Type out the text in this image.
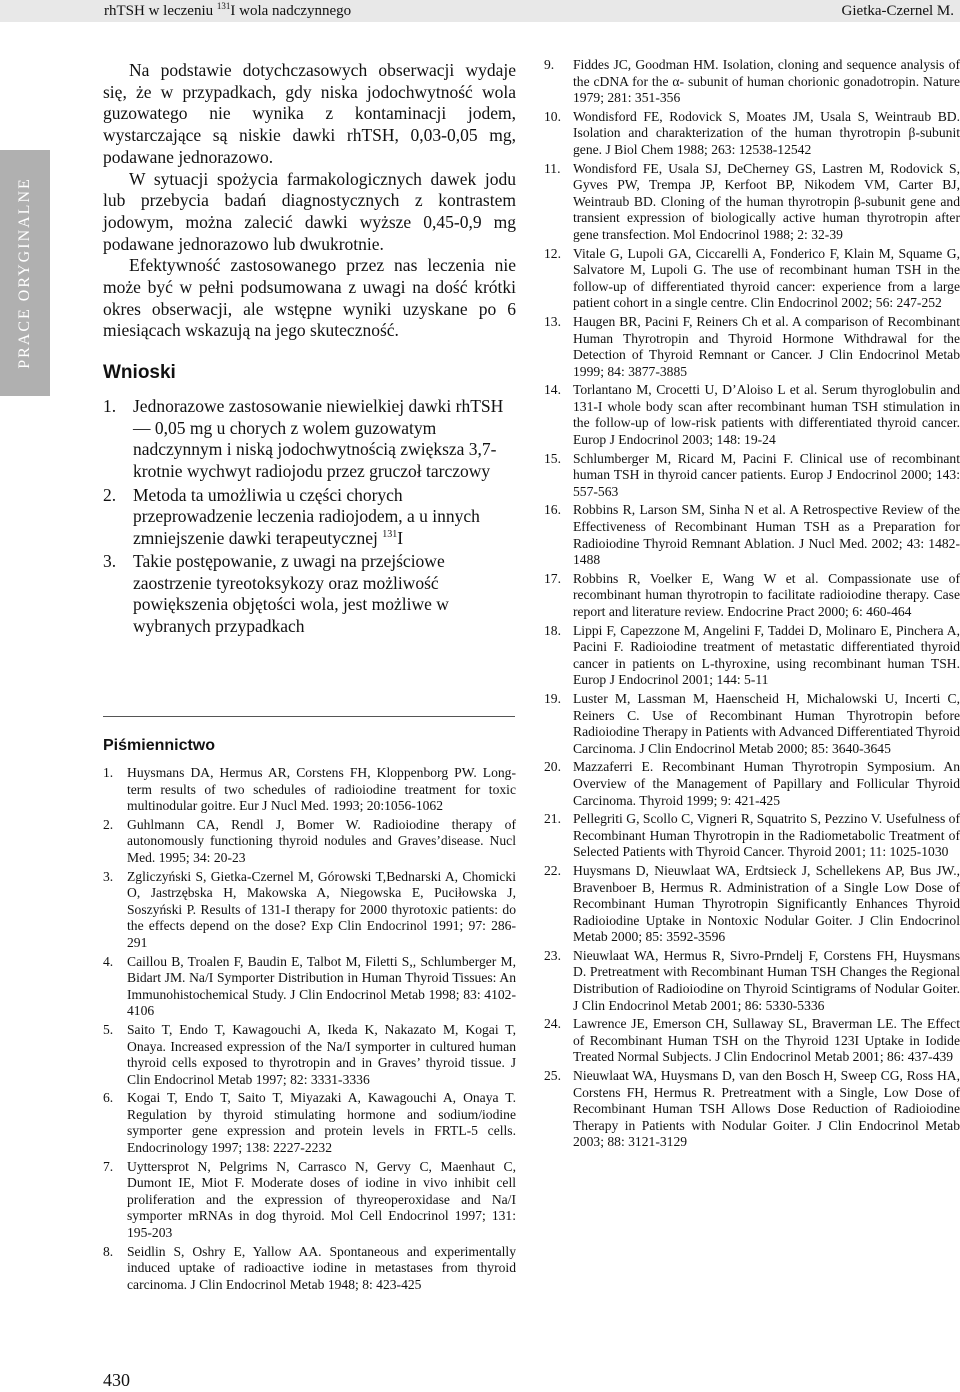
rhTSH w leczeniu $^{131}$I wola nadczynnego	Gietka-Czernel M.
PRACE ORYGINALNE

Na podstawie dotychczasowych obserwacji wydaje się, że w przypadkach, gdy niska jodochwytność wola guzowatego nie wynika z kontaminacji jodem, wystarczające są niskie dawki rhTSH, 0,03-0,05 mg, podawane jednorazowo.

W sytuacji spożycia farmakologicznych dawek jodu lub przebycia badań diagnostycznych z kontrastem jodowym, można zalecić dawki wyższe 0,45-0,9 mg podawane jednorazowo lub dwukrotnie.

Efektywność zastosowanego przez nas leczenia nie może być w pełni podsumowana z uwagi na dość krótki okres obserwacji, ale wstępne wyniki uzyskane po 6 miesiącach wskazują na jego skuteczność.

Wnioski
1. Jednorazowe zastosowanie niewielkiej dawki rhTSH — 0,05 mg u chorych z wolem guzowatym nadczynnym i niską jodochwytnością zwiększa 3,7-krotnie wychwyt radiojodu przez gruczoł tarczowy
2. Metoda ta umożliwia u części chorych przeprowadzenie leczenia radiojodem, a u innych zmniejszenie dawki terapeutycznej $^{131}$I
3. Takie postępowanie, z uwagi na przejściowe zaostrzenie tyreotoksykozy oraz możliwość powiększenia objętości wola, jest możliwe w wybranych przypadkach
Piśmiennictwo
1. Huysmans DA, Hermus AR, Corstens FH, Kloppenborg PW. Long-term results of two schedules of radioiodine treatment for toxic multinodular goitre. Eur J Nucl Med. 1993; 20:1056-1062
2. Guhlmann CA, Rendl J, Bomer W. Radioiodine therapy of autonomously functioning thyroid nodules and Graves’disease. Nucl Med. 1995; 34: 20-23
3. Zgliczyński S, Gietka-Czernel M, Górowski T,Bednarski A, Chomicki O, Jastrzębska H, Makowska A, Niegowska E, Puciłowska J, Soszyński P. Results of 131-I therapy for 2000 thyrotoxic patients: do the effects depend on the dose? Exp Clin Endocrinol 1991; 97: 286-291
4. Caillou B, Troalen F, Baudin E, Talbot M, Filetti S,, Schlumberger M, Bidart JM. Na/I Symporter Distribution in Human Thyroid Tissues: An Immunohistochemical Study. J Clin Endocrinol Metab 1998; 83: 4102-4106
5. Saito T, Endo T, Kawagouchi A, Ikeda K, Nakazato M, Kogai T, Onaya. Increased expression of the Na/I symporter in cultured human thyroid cells exposed to thyrotropin and in Graves’ thyroid tissue. J Clin Endocrinol Metab 1997; 82: 3331-3336
6. Kogai T, Endo T, Saito T, Miyazaki A, Kawagouchi A, Onaya T. Regulation by thyroid stimulating hormone and sodium/iodine symporter gene expression and protein levels in FRTL-5 cells. Endocrinology 1997; 138: 2227-2232
7. Uyttersprot N, Pelgrims N, Carrasco N, Gervy C, Maenhaut C, Dumont IE, Miot F. Moderate doses of iodine in vivo inhibit cell proliferation and the expression of thyreoperoxidase and Na/I symporter mRNAs in dog thyroid. Mol Cell Endocrinol 1997; 131: 195-203
8. Seidlin S, Oshry E, Yallow AA. Spontaneous and experimentally induced uptake of radioactive iodine in metastases from thyroid carcinoma. J Clin Endocrinol Metab 1948; 8: 423-425
9. Fiddes JC, Goodman HM. Isolation, cloning and sequence analysis of the cDNA for the α- subunit of human chorionic gonadotropin. Nature 1979; 281: 351-356
10. Wondisford FE, Rodovick S, Moates JM, Usala S, Weintraub BD. Isolation and charakterization of the human thyrotropin β-subunit gene. J Biol Chem 1988; 263: 12538-12542
11. Wondisford FE, Usala SJ, DeCherney GS, Lastren M, Rodovick S, Gyves PW, Trempa JP, Kerfoot BP, Nikodem VM, Carter BJ, Weintraub BD. Cloning of the human thyrotropin β-subunit gene and transient expression of biologically active human thyrotropin after gene transfection. Mol Endocrinol 1988; 2: 32-39
12. Vitale G, Lupoli GA, Ciccarelli A, Fonderico F, Klain M, Squame G, Salvatore M, Lupoli G. The use of recombinant human TSH in the follow-up of differentiated thyroid cancer: experience from a large patient cohort in a single centre. Clin Endocrinol 2002; 56: 247-252
13. Haugen BR, Pacini F, Reiners Ch et al. A comparison of Recombinant Human Thyrotropin and Thyroid Hormone Withdrawal for the Detection of Thyroid Remnant or Cancer. J Clin Endocrinol Metab 1999; 84: 3877-3885
14. Torlantano M, Crocetti U, D’Aloiso L et al. Serum thyroglobulin and 131-I whole body scan after recombinant human TSH stimulation in the follow-up of low-risk patients with differentiated thyroid cancer. Europ J Endocrinol 2003; 148: 19-24
15. Schlumberger M, Ricard M, Pacini F. Clinical use of recombinant human TSH in thyroid cancer patients. Europ J Endocrinol 2000; 143: 557-563
16. Robbins R, Larson SM, Sinha N et al. A Retrospective Review of the Effectiveness of Recombinant Human TSH as a Preparation for Radioiodine Thyroid Remnant Ablation. J Nucl Med. 2002; 43: 1482-1488
17. Robbins R, Voelker E, Wang W et al. Compassionate use of recombinant human thyrotropin to facilitate radioiodine therapy. Case report and literature review. Endocrine Pract 2000; 6: 460-464
18. Lippi F, Capezzone M, Angelini F, Taddei D, Molinaro E, Pinchera A, Pacini F. Radioiodine treatment of metastatic differentiated thyroid cancer in patients on L-thyroxine, using recombinant human TSH. Europ J Endocrinol 2001; 144: 5-11
19. Luster M, Lassman M, Haenscheid H, Michalowski U, Incerti C, Reiners C. Use of Recombinant Human Thyrotropin before Radioiodine Therapy in Patients with Advanced Differentiated Thyroid Carcinoma. J Clin Endocrinol Metab 2000; 85: 3640-3645
20. Mazzaferri E. Recombinant Human Thyrotropin Symposium. An Overview of the Management of Papillary and Follicular Thyroid Carcinoma. Thyroid 1999; 9: 421-425
21. Pellegriti G, Scollo C, Vigneri R, Squatrito S, Pezzino V. Usefulness of Recombinant Human Thyrotropin in the Radiometabolic Treatment of Selected Patients with Thyroid Cancer. Thyroid 2001; 11: 1025-1030
22. Huysmans D, Nieuwlaat WA, Erdtsieck J, Schellekens AP, Bus JW., Bravenboer B, Hermus R. Administration of a Single Low Dose of Recombinant Human Thyrotropin Significantly Enhances Thyroid Radioiodine Uptake in Nontoxic Nodular Goiter. J Clin Endocrinol Metab 2000; 85: 3592-3596
23. Nieuwlaat WA, Hermus R, Sivro-Prndelj F, Corstens FH, Huysmans D. Pretreatment with Recombinant Human TSH Changes the Regional Distribution of Radioiodine on Thyroid Scintigrams of Nodular Goiter. J Clin Endocrinol Metab 2001; 86: 5330-5336
24. Lawrence JE, Emerson CH, Sullaway SL, Braverman LE. The Effect of Recombinant Human TSH on the Thyroid 123I Uptake in Iodide Treated Normal Subjects. J Clin Endocrinol Metab 2001; 86: 437-439
25. Nieuwlaat WA, Huysmans D, van den Bosch H, Sweep CG, Ross HA, Corstens FH, Hermus R. Pretreatment with a Single, Low Dose of Recombinant Human TSH Allows Dose Reduction of Radioiodine Therapy in Patients with Nodular Goiter. J Clin Endocrinol Metab 2003; 88: 3121-3129
430
